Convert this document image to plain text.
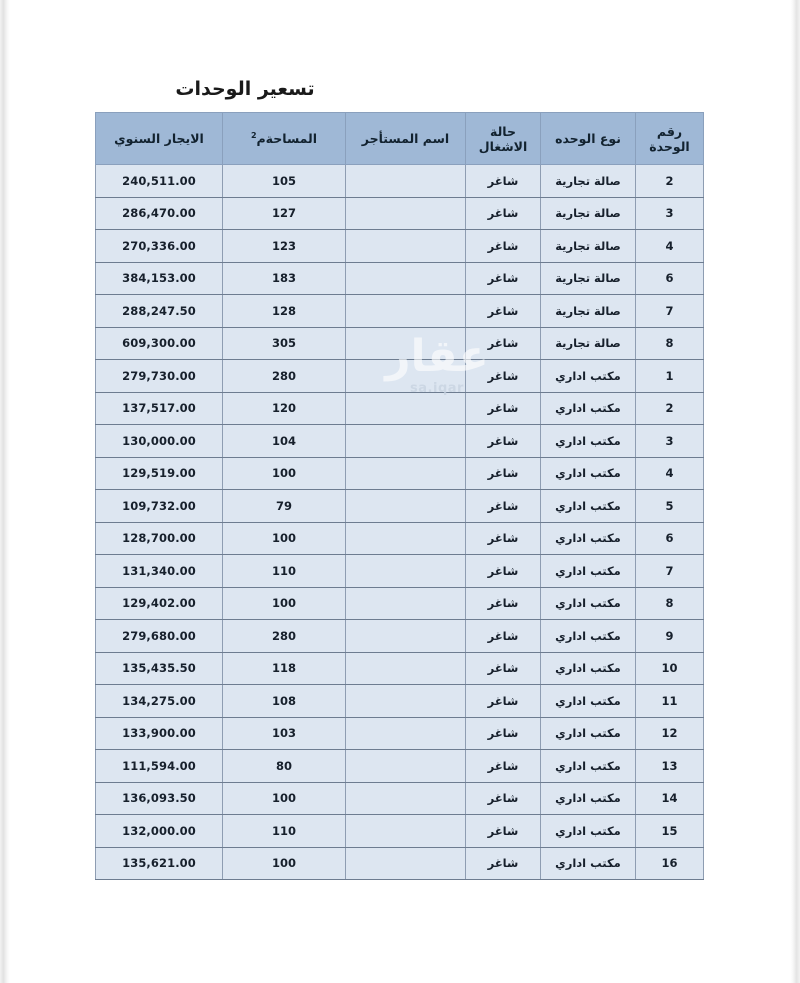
تسعير الوحدات
رقم الوحدة	نوع الوحده	حالة الاشغال	اسم المستأجر	المساحةم$^2$	الايجار السنوي
2	صالة تجارية	شاغر		105	240,511.00
3	صالة تجارية	شاغر		127	286,470.00
4	صالة تجارية	شاغر		123	270,336.00
6	صالة تجارية	شاغر		183	384,153.00
7	صالة تجارية	شاغر		128	288,247.50
8	صالة تجارية	شاغر		305	609,300.00
1	مكتب اداري	شاغر		280	279,730.00
2	مكتب اداري	شاغر		120	137,517.00
3	مكتب اداري	شاغر		104	130,000.00
4	مكتب اداري	شاغر		100	129,519.00
5	مكتب اداري	شاغر		79	109,732.00
6	مكتب اداري	شاغر		100	128,700.00
7	مكتب اداري	شاغر		110	131,340.00
8	مكتب اداري	شاغر		100	129,402.00
9	مكتب اداري	شاغر		280	279,680.00
10	مكتب اداري	شاغر		118	135,435.50
11	مكتب اداري	شاغر		108	134,275.00
12	مكتب اداري	شاغر		103	133,900.00
13	مكتب اداري	شاغر		80	111,594.00
14	مكتب اداري	شاغر		100	136,093.50
15	مكتب اداري	شاغر		110	132,000.00
16	مكتب اداري	شاغر		100	135,621.00
عقار
sa.iqar
